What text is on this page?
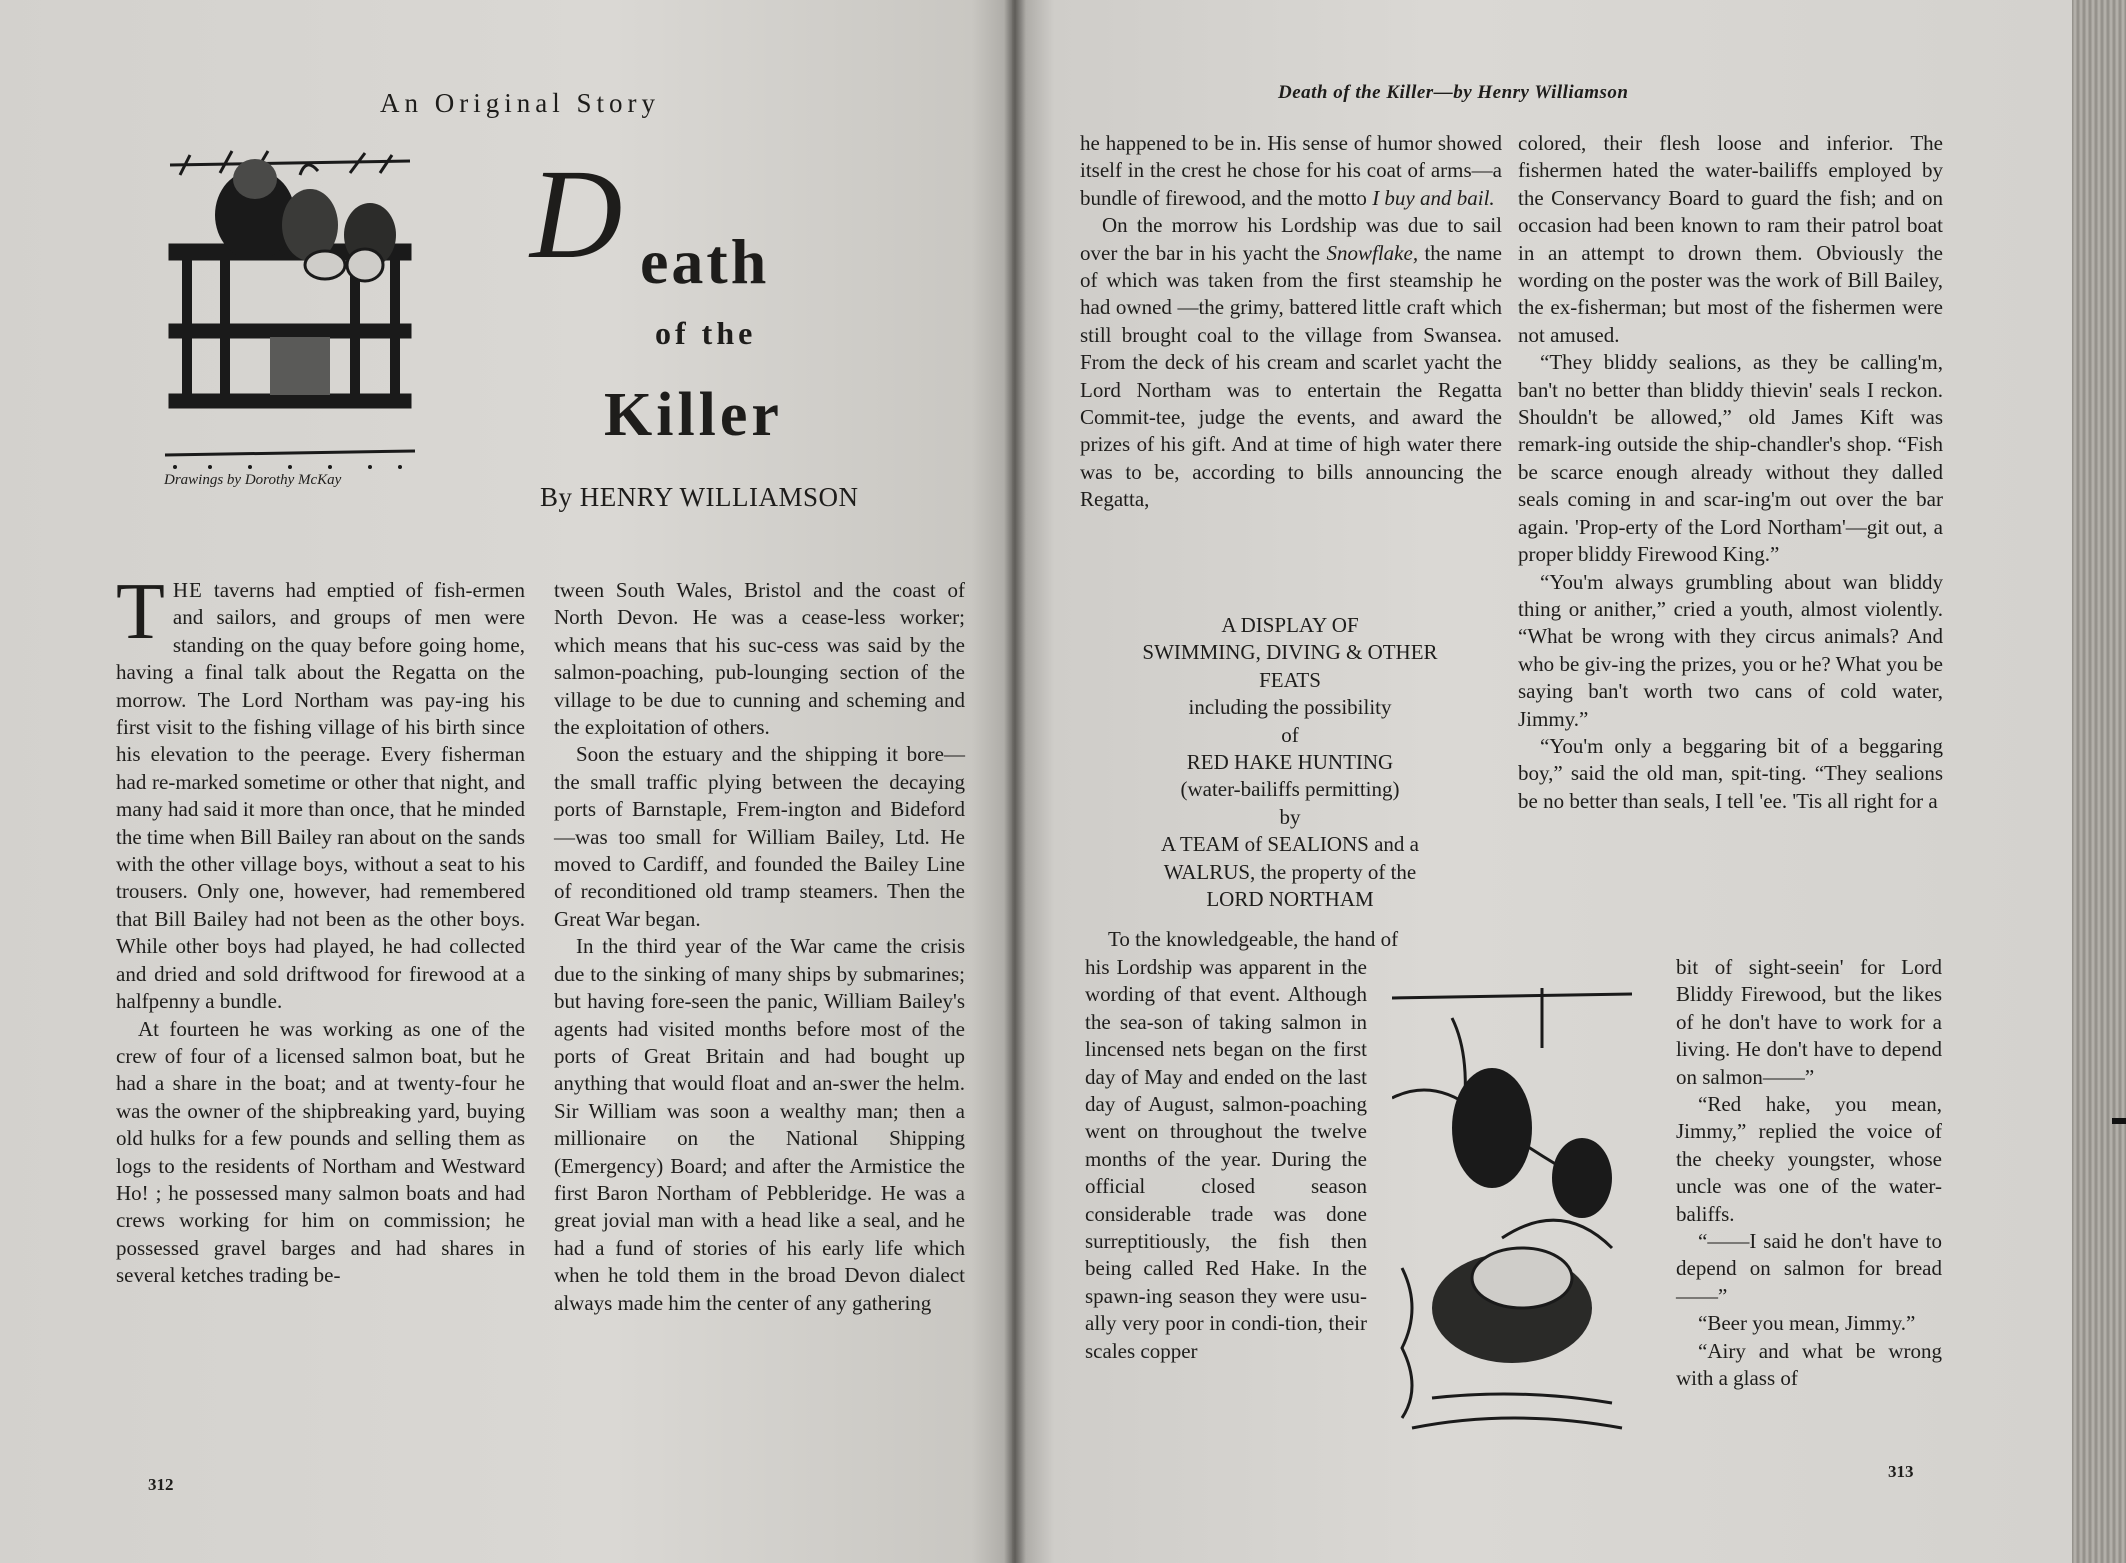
An Original Story
Drawings by Dorothy McKay
D eath
of the
Killer
By HENRY WILLIAMSON

THE taverns had emptied of fish-ermen and sailors, and groups of men were standing on the quay before going home, having a final talk about the Regatta on the morrow. The Lord Northam was pay-ing his first visit to the fishing village of his birth since his elevation to the peerage. Every fisherman had re-marked sometime or other that night, and many had said it more than once, that he minded the time when Bill Bailey ran about on the sands with the other village boys, without a seat to his trousers. Only one, however, had remembered that Bill Bailey had not been as the other boys. While other boys had played, he had collected and dried and sold driftwood for firewood at a halfpenny a bundle.

At fourteen he was working as one of the crew of four of a licensed salmon boat, but he had a share in the boat; and at twenty-four he was the owner of the shipbreaking yard, buying old hulks for a few pounds and selling them as logs to the residents of Northam and Westward Ho! ; he possessed many salmon boats and had crews working for him on commission; he possessed gravel barges and had shares in several ketches trading be-

tween South Wales, Bristol and the coast of North Devon. He was a cease-less worker; which means that his suc-cess was said by the salmon-poaching, pub-lounging section of the village to be due to cunning and scheming and the exploitation of others.

Soon the estuary and the shipping it bore—the small traffic plying between the decaying ports of Barnstaple, Frem-ington and Bideford—was too small for William Bailey, Ltd. He moved to Cardiff, and founded the Bailey Line of reconditioned old tramp steamers. Then the Great War began.

In the third year of the War came the crisis due to the sinking of many ships by submarines; but having fore-seen the panic, William Bailey's agents had visited months before most of the ports of Great Britain and had bought up anything that would float and an-swer the helm. Sir William was soon a wealthy man; then a millionaire on the National Shipping (Emergency) Board; and after the Armistice the first Baron Northam of Pebbleridge. He was a great jovial man with a head like a seal, and he had a fund of stories of his early life which when he told them in the broad Devon dialect always made him the center of any gathering

312
Death of the Killer—by Henry Williamson

he happened to be in. His sense of humor showed itself in the crest he chose for his coat of arms—a bundle of firewood, and the motto I buy and bail.

On the morrow his Lordship was due to sail over the bar in his yacht the Snowflake, the name of which was taken from the first steamship he had owned —the grimy, battered little craft which still brought coal to the village from Swansea. From the deck of his cream and scarlet yacht the Lord Northam was to entertain the Regatta Commit-tee, judge the events, and award the prizes of his gift. And at time of high water there was to be, according to bills announcing the Regatta,

A DISPLAY OF
SWIMMING, DIVING & OTHER
FEATS
including the possibility
of
RED HAKE HUNTING
(water-bailiffs permitting)
by
A TEAM of SEALIONS and a
WALRUS, the property of the
LORD NORTHAM
To the knowledgeable, the hand of
his Lordship was apparent in the wording of that event. Although the sea-son of taking salmon in lincensed nets began on the first day of May and ended on the last day of August, salmon-poaching went on throughout the twelve months of the year. During the official closed season considerable trade was done surreptitiously, the fish then being called Red Hake. In the spawn-ing season they were usu-ally very poor in condi-tion, their scales copper

colored, their flesh loose and inferior. The fishermen hated the water-bailiffs employed by the Conservancy Board to guard the fish; and on occasion had been known to ram their patrol boat in an attempt to drown them. Obviously the wording on the poster was the work of Bill Bailey, the ex-fisherman; but most of the fishermen were not amused.

“They bliddy sealions, as they be calling'm, ban't no better than bliddy thievin' seals I reckon. Shouldn't be allowed,” old James Kift was remark-ing outside the ship-chandler's shop. “Fish be scarce enough already without they dalled seals coming in and scar-ing'm out over the bar again. 'Prop-erty of the Lord Northam'—git out, a proper bliddy Firewood King.”

“You'm always grumbling about wan bliddy thing or anither,” cried a youth, almost violently. “What be wrong with they circus animals? And who be giv-ing the prizes, you or he? What you be saying ban't worth two cans of cold water, Jimmy.”

“You'm only a beggaring bit of a beggaring boy,” said the old man, spit-ting. “They sealions be no better than seals, I tell 'ee. 'Tis all right for a

bit of sight-seein' for Lord Bliddy Firewood, but the likes of he don't have to work for a living. He don't have to depend on salmon——”

“Red hake, you mean, Jimmy,” replied the voice of the cheeky youngster, whose uncle was one of the water-baliffs.

“——I said he don't have to depend on salmon for bread——”

“Beer you mean, Jimmy.”

“Airy and what be wrong with a glass of

313
